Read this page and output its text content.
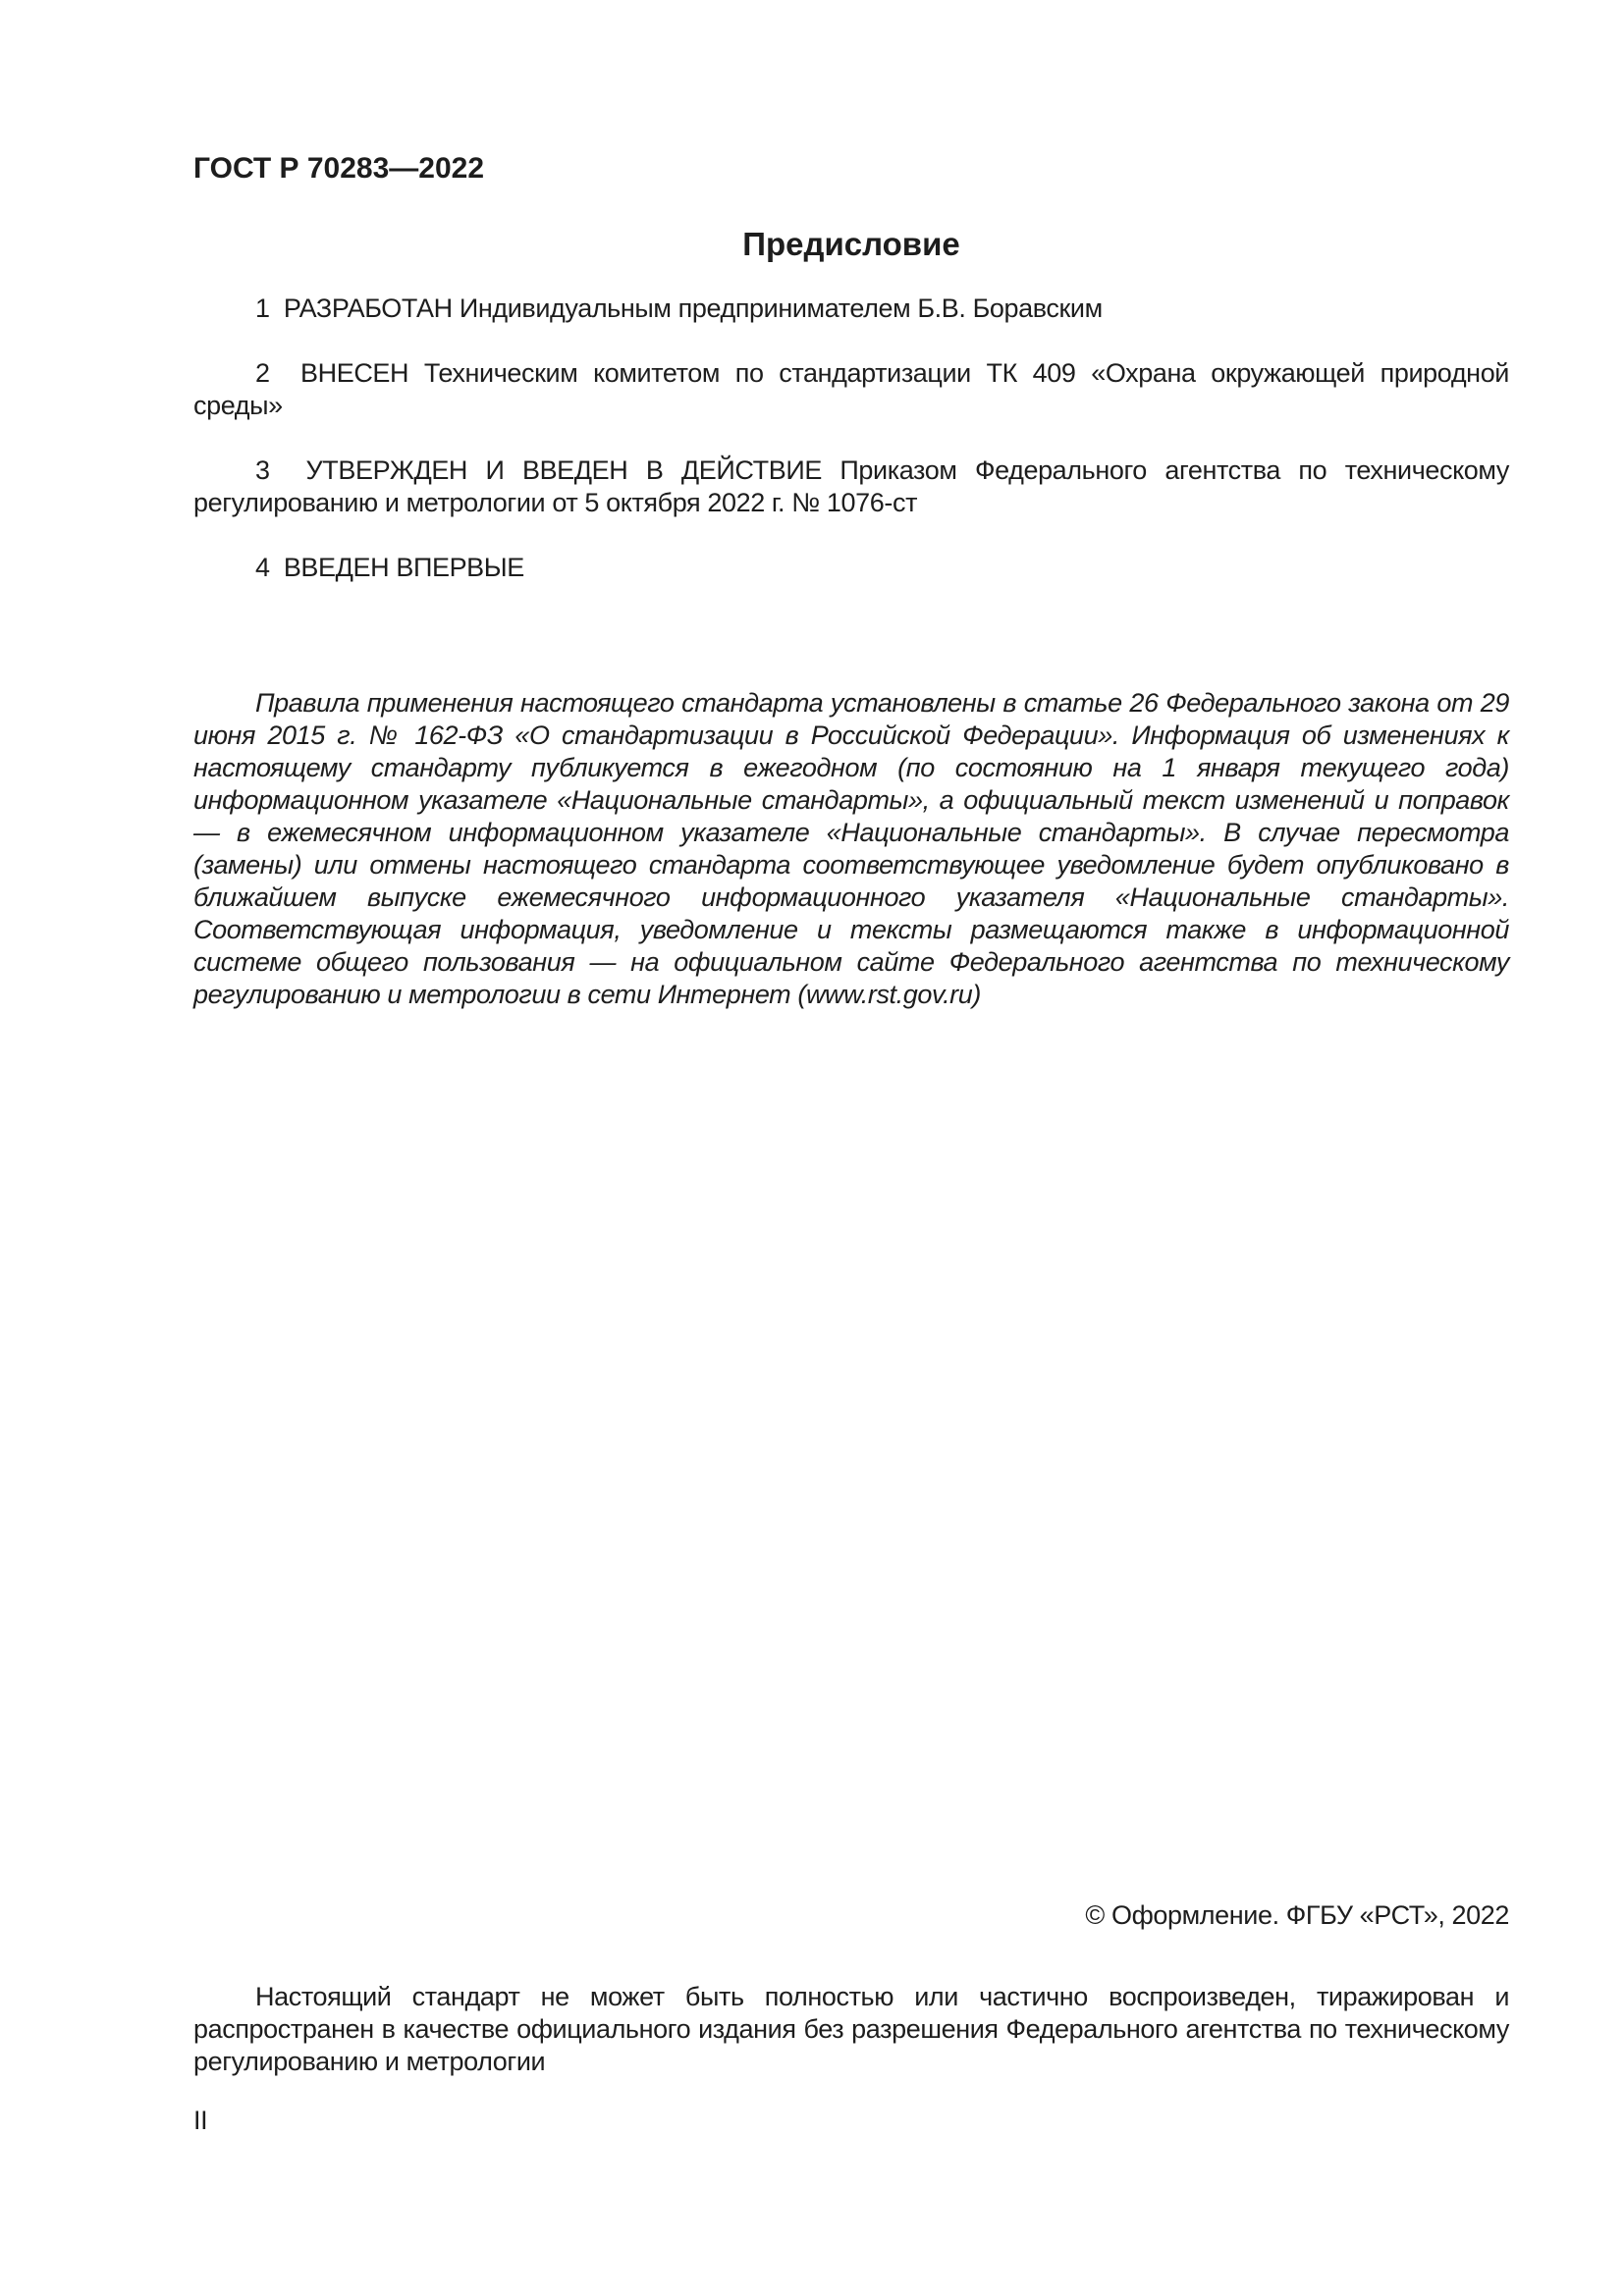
ГОСТ Р 70283—2022
Предисловие

1  РАЗРАБОТАН Индивидуальным предпринимателем Б.В. Боравским

2  ВНЕСЕН Техническим комитетом по стандартизации ТК 409 «Охрана окружающей природной среды»

3  УТВЕРЖДЕН И ВВЕДЕН В ДЕЙСТВИЕ Приказом Федерального агентства по техническому регулированию и метрологии от 5 октября 2022 г. № 1076-ст

4  ВВЕДЕН ВПЕРВЫЕ

Правила применения настоящего стандарта установлены в статье 26 Федерального закона от 29 июня 2015 г. № 162-ФЗ «О стандартизации в Российской Федерации». Информация об изменениях к настоящему стандарту публикуется в ежегодном (по состоянию на 1 января текущего года) информационном указателе «Национальные стандарты», а официальный текст изменений и поправок — в ежемесячном информационном указателе «Национальные стандарты». В случае пересмотра (замены) или отмены настоящего стандарта соответствующее уведомление будет опубликовано в ближайшем выпуске ежемесячного информационного указателя «Национальные стандарты». Соответствующая информация, уведомление и тексты размещаются также в информационной системе общего пользования — на официальном сайте Федерального агентства по техническому регулированию и метрологии в сети Интернет (www.rst.gov.ru)

© Оформление. ФГБУ «РСТ», 2022

Настоящий стандарт не может быть полностью или частично воспроизведен, тиражирован и распространен в качестве официального издания без разрешения Федерального агентства по техническому регулированию и метрологии

II
